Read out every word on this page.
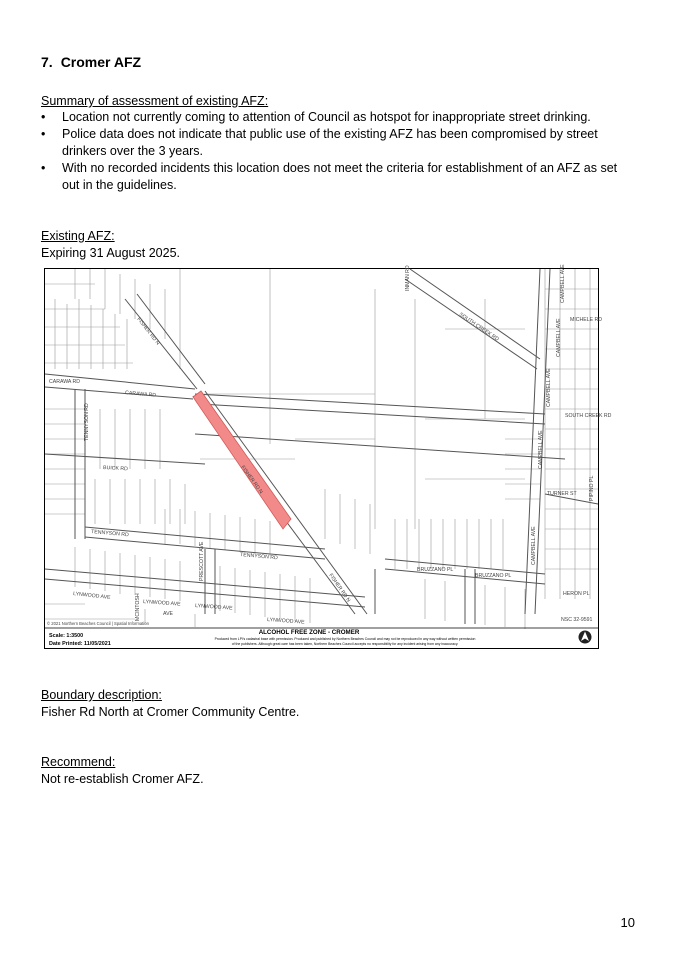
7. Cromer AFZ
Summary of assessment of existing AFZ:
• Location not currently coming to attention of Council as hotspot for inappropriate street drinking.
• Police data does not indicate that public use of the existing AFZ has been compromised by street drinkers over the 3 years.
• With no recorded incidents this location does not meet the criteria for establishment of an AFZ as set out in the guidelines.
Existing AFZ:
Expiring 31 August 2025.
FISHER RD N
CARAWA RD
CARAWA RD
TENNYSON RD
BUICK RD
TENNYSON RD
TENNYSON RD
PRESCOTT AVE
LYNWOOD AVE
LYNWOOD AVE	LYNWOOD AVE
LYNWOOD AVE
FISHER RD N
FISHER RD N
SOUTH CREEK RD
CAMPBELL AVE
CAMPBELL AVE
CAMPBELL AVE
CAMPBELL AVE
CAMPBELL AVE
MICHELE RD
SOUTH CREEK RD
TURNER ST PIPINO PL
BRUZZANO PL
BRUZZANO PL
HERON PL
INMAN RD
MCINTOSH	AVE
NSC 32-9591
© 2021 Northern Beaches Council | Spatial Information
ALCOHOL FREE ZONE - CROMER
Scale: 1:3500
Date Printed: 11/05/2021
Produced from LPI's cadastral base with permission. Produced and published by Northern Beaches Council and may not be reproduced in any way without written permission
of the publishers. Although great care has been taken, Northern Beaches Council accepts no responsibility for any incident arising from any inaccuracy.
Boundary description:
Fisher Rd North at Cromer Community Centre.
Recommend:
Not re-establish Cromer AFZ.
10
